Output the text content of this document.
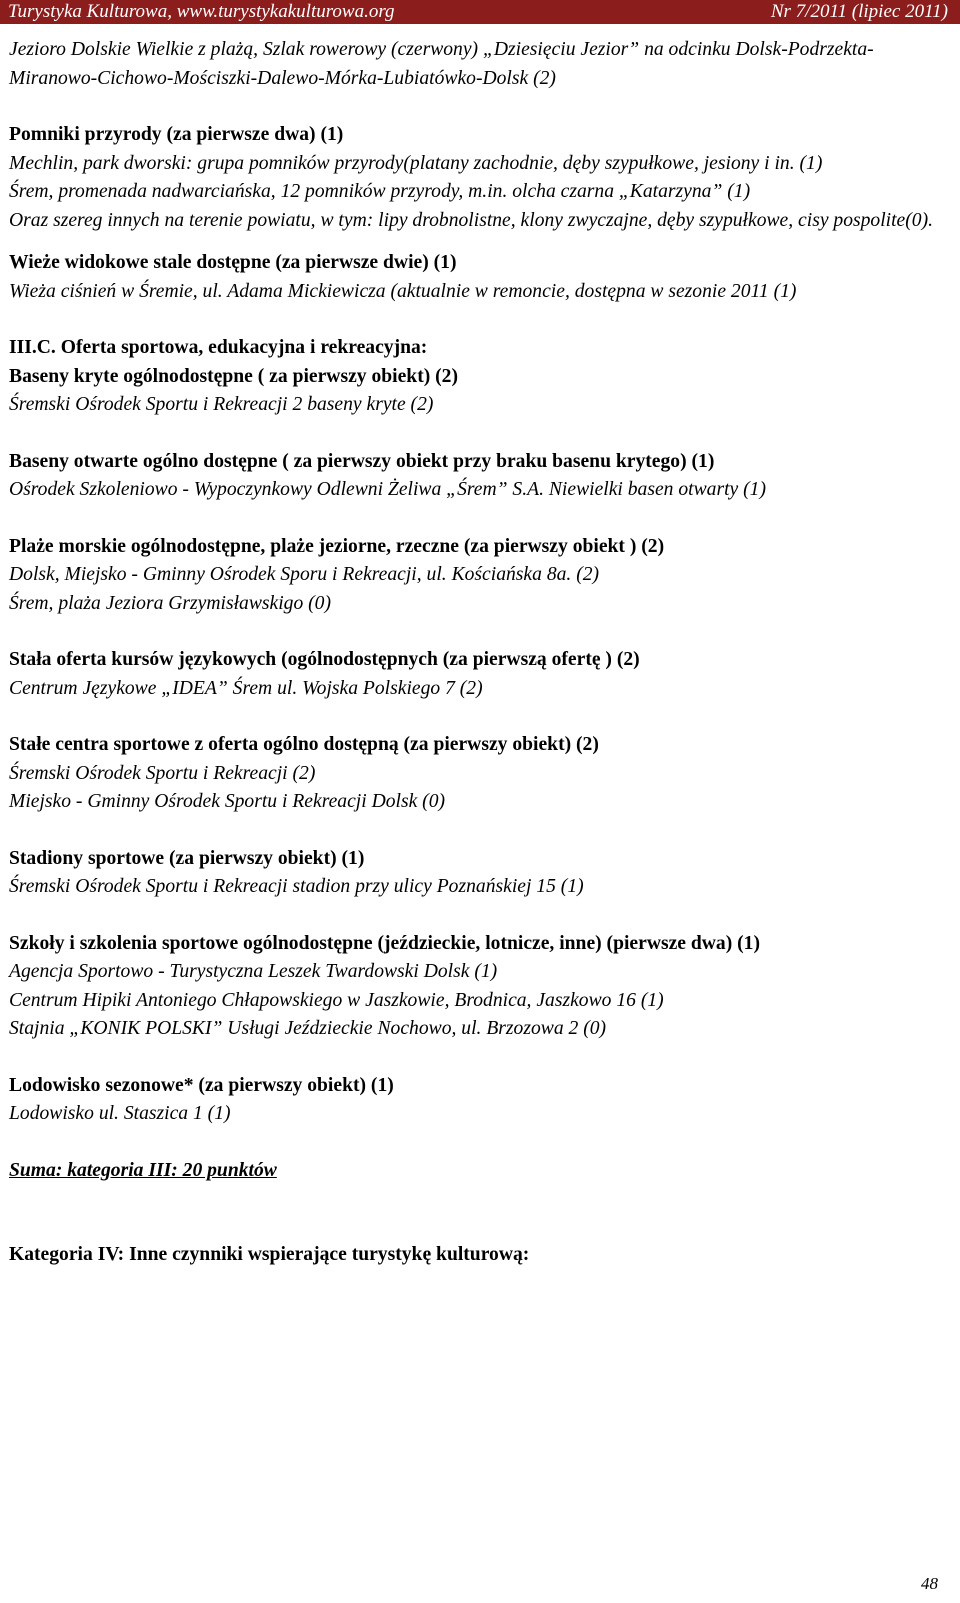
Turystyka Kulturowa, www.turystykakulturowa.org	Nr 7/2011 (lipiec 2011)

Jezioro Dolskie Wielkie z plażą, Szlak rowerowy (czerwony) „Dziesięciu Jezior” na odcinku Dolsk-Podrzekta-Miranowo-Cichowo-Mościszki-Dalewo-Mórka-Lubiatówko-Dolsk (2)

Pomniki przyrody (za pierwsze dwa) (1)

Mechlin, park dworski: grupa pomników przyrody(platany zachodnie, dęby szypułkowe, jesiony i in. (1)

Śrem, promenada nadwarciańska, 12 pomników przyrody, m.in. olcha czarna „Katarzyna” (1)

Oraz szereg innych na terenie powiatu, w tym: lipy drobnolistne, klony zwyczajne, dęby szypułkowe, cisy pospolite(0).

Wieże widokowe stale dostępne (za pierwsze dwie) (1)

Wieża ciśnień w Śremie, ul. Adama Mickiewicza (aktualnie w remoncie, dostępna w sezonie 2011 (1)

III.C. Oferta sportowa, edukacyjna i rekreacyjna:

Baseny kryte ogólnodostępne ( za pierwszy obiekt) (2)

Śremski Ośrodek Sportu i Rekreacji 2 baseny kryte (2)

Baseny otwarte ogólno dostępne ( za pierwszy obiekt przy braku basenu krytego) (1)

Ośrodek Szkoleniowo - Wypoczynkowy Odlewni Żeliwa „Śrem” S.A. Niewielki basen otwarty (1)

Plaże morskie ogólnodostępne, plaże jeziorne, rzeczne (za pierwszy obiekt ) (2)

Dolsk, Miejsko - Gminny Ośrodek Sporu i Rekreacji, ul. Kościańska 8a. (2)

Śrem, plaża Jeziora Grzymisławskigo (0)

Stała oferta kursów językowych (ogólnodostępnych (za pierwszą ofertę ) (2)

Centrum Językowe „IDEA” Śrem ul. Wojska Polskiego 7 (2)

Stałe centra sportowe z oferta ogólno dostępną (za pierwszy obiekt) (2)

Śremski Ośrodek Sportu i Rekreacji (2)

Miejsko - Gminny Ośrodek Sportu i Rekreacji Dolsk (0)

Stadiony sportowe (za pierwszy obiekt) (1)

Śremski Ośrodek Sportu i Rekreacji stadion przy ulicy Poznańskiej 15 (1)

Szkoły i szkolenia sportowe ogólnodostępne (jeździeckie, lotnicze, inne) (pierwsze dwa) (1)

Agencja Sportowo - Turystyczna Leszek Twardowski Dolsk (1)

Centrum Hipiki Antoniego Chłapowskiego w Jaszkowie, Brodnica, Jaszkowo 16 (1)

Stajnia „KONIK POLSKI” Usługi Jeździeckie Nochowo, ul. Brzozowa 2 (0)

Lodowisko sezonowe* (za pierwszy obiekt) (1)

Lodowisko ul. Staszica 1 (1)

Suma: kategoria III: 20 punktów

Kategoria IV: Inne czynniki wspierające turystykę kulturową:

48
